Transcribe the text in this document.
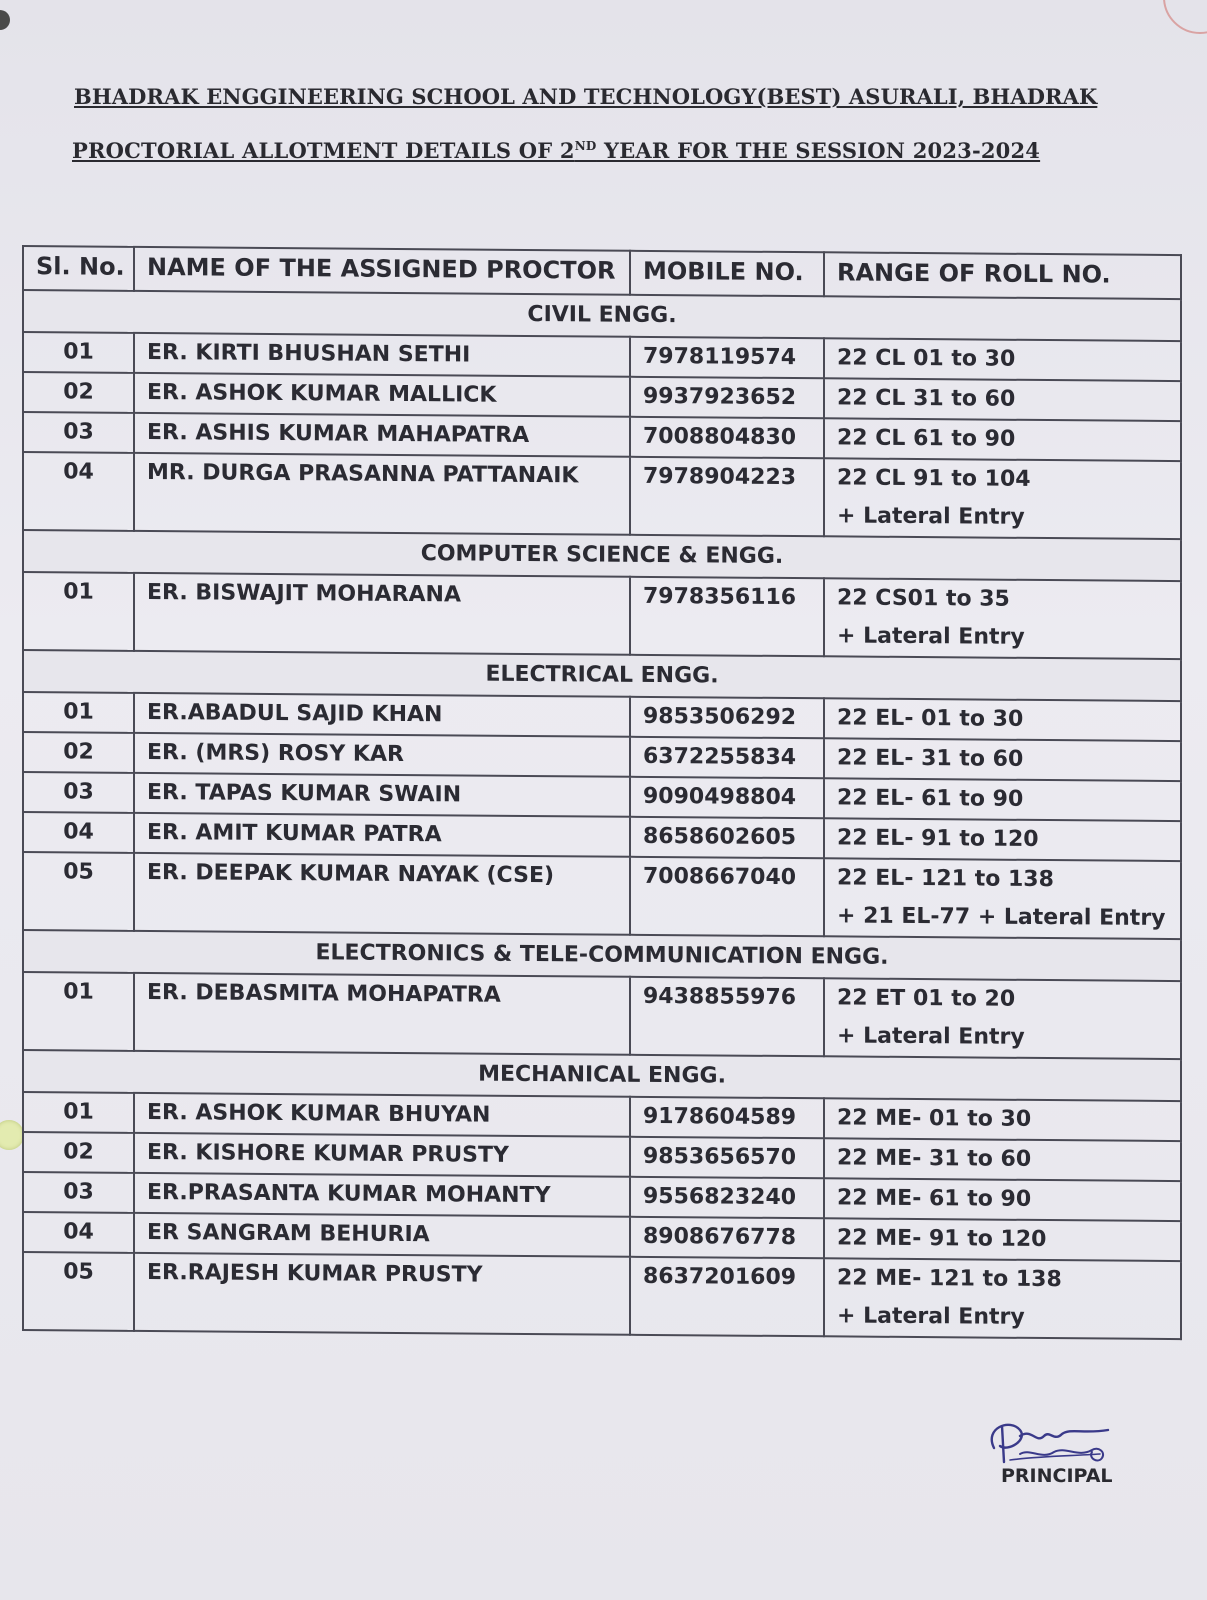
BHADRAK ENGGINEERING SCHOOL AND TECHNOLOGY(BEST) ASURALI, BHADRAK
PROCTORIAL ALLOTMENT DETAILS OF 2ND YEAR FOR THE SESSION 2023-2024
Sl. No.	NAME OF THE ASSIGNED PROCTOR	MOBILE NO.	RANGE OF ROLL NO.
CIVIL ENGG.			
01	ER. KIRTI BHUSHAN SETHI	7978119574	22 CL 01 to 30

02	ER. ASHOK KUMAR MALLICK	9937923652	22 CL 31 to 60

03	ER. ASHIS KUMAR MAHAPATRA	7008804830	22 CL 61 to 90

04	MR. DURGA PRASANNA PATTANAIK	7978904223	22 CL 91 to 104
+ Lateral Entry

COMPUTER SCIENCE & ENGG.			
01	ER. BISWAJIT MOHARANA	7978356116	22 CS01 to 35
+ Lateral Entry

ELECTRICAL ENGG.			
01	ER.ABADUL SAJID KHAN	9853506292	22 EL- 01 to 30

02	ER. (MRS) ROSY KAR	6372255834	22 EL- 31 to 60

03	ER. TAPAS KUMAR SWAIN	9090498804	22 EL- 61 to 90

04	ER. AMIT KUMAR PATRA	8658602605	22 EL- 91 to 120

05	ER. DEEPAK KUMAR NAYAK (CSE)	7008667040	22 EL- 121 to 138
+ 21 EL-77 + Lateral Entry

ELECTRONICS & TELE-COMMUNICATION ENGG.			
01	ER. DEBASMITA MOHAPATRA	9438855976	22 ET 01 to 20
+ Lateral Entry

MECHANICAL ENGG.			
01	ER. ASHOK KUMAR BHUYAN	9178604589	22 ME- 01 to 30

02	ER. KISHORE KUMAR PRUSTY	9853656570	22 ME- 31 to 60

03	ER.PRASANTA KUMAR MOHANTY	9556823240	22 ME- 61 to 90

04	ER SANGRAM BEHURIA	8908676778	22 ME- 91 to 120

05	ER.RAJESH KUMAR PRUSTY	8637201609	22 ME- 121 to 138
+ Lateral Entry
PRINCIPAL
